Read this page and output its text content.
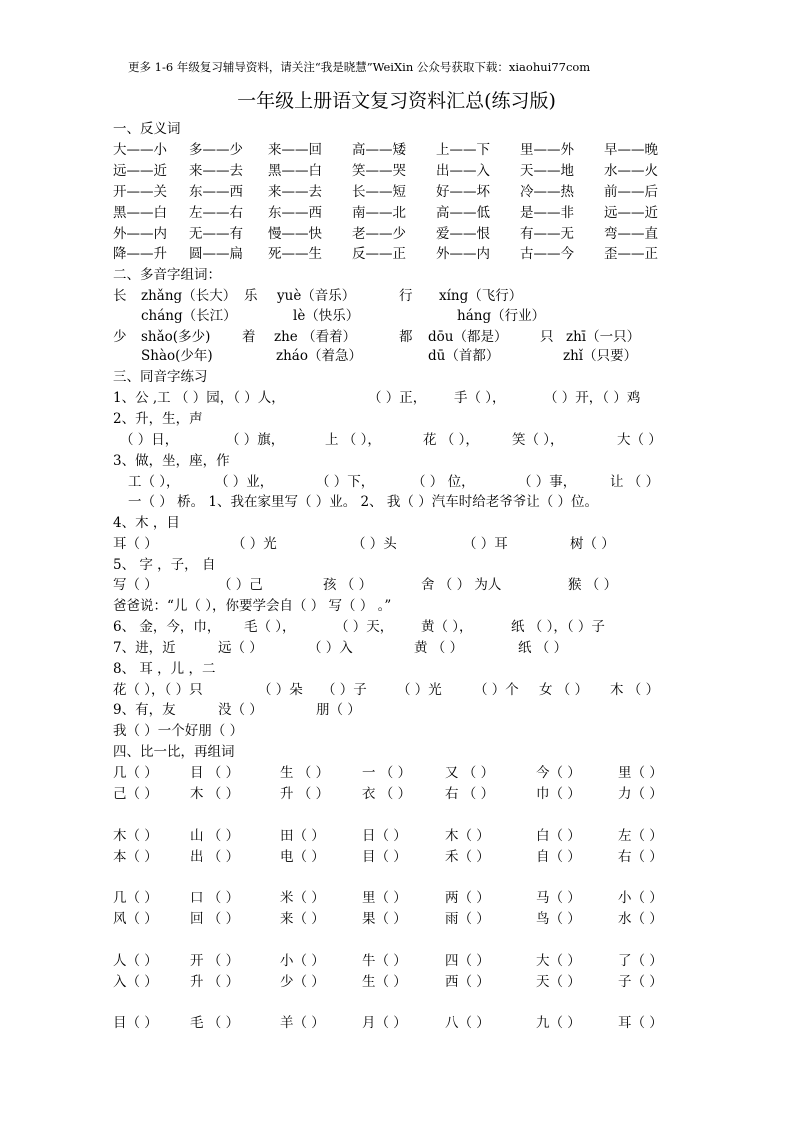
更多 1-6 年级复习辅导资料，请关注“我是晓慧”WeiXin 公众号获取下载：xiaohui77com
一年级上册语文复习资料汇总(练习版)
一、反义词
大——小 多——少 来——回 高——矮 上——下 里——外 早——晚
远——近 来——去 黑——白 笑——哭 出——入 天——地 水——火
开——关 东——西 来——去 长——短 好——坏 冷——热 前——后
黑——白 左——右 东——西 南——北 高——低 是——非 远——近
外——内 无——有 慢——快 老——少 爱——恨 有——无 弯——直
降——升 圆——扁 死——生 反——正 外——内 古——今 歪——正
二、多音字组词：
长 zhǎng（长大） 乐 yuè（音乐）	行 xíng（飞行）
cháng（长江）	lè（快乐）	háng（行业）
少 shǎo(多少) 着 zhe （看着）	都 dōu（都是） 只 zhī（一只）
Shào(少年)	zháo（着急）	dū（首都）	zhǐ（只要）
三、同音字练习
1、公 ,工 （ ）园，（ ）人，	（ ）正， 手（ ），	（ ）开，（ ）鸡
2、升，生，声
（ ）日，	（ ）旗，	上 （ ），	花 （ ）， 笑（ ），	大（ ）
3、做，坐，座，作
工（ ），	（ ）业，	（ ）下，	（ ） 位，	（ ）事， 让 （ ）
一（ ） 桥。 1、我在家里写（ ）业。 2、 我（ ）汽车时给老爷爷让（ ）位。
4、木 ，目
耳（ ）	（ ）光	（ ）头	（ ）耳	树（ ）
5、 字 ，子， 自
写（ ）	（ ）己	孩 （ ）	舍 （ ） 为人	猴 （ ）
爸爸说：“儿（ ），你要学会自（ ） 写（ ） 。”
6、 金，今，巾， 毛（ ），	（ ）天， 黄（ ），	纸 （ ），（ ）子
7、进，近	远（ ）	（ ）入	黄 （ ）	纸 （ ）
8、 耳 ，儿 ，二
花（ ），（ ）只	（ ）朵 （ ）子 （ ）光 （ ）个 女 （ ） 木 （ ）
9、有，友	没（ ）	朋（ ）
我（ ）一个好朋（ ）
四、比一比，再组词
几（ ） 目 （ ）	生 （ ） 一 （ ）	又 （ ）	今（ ）	里（ ）
己（ ） 木 （ ）	升 （ ） 衣 （ ）	右 （ ）	巾（ ）	力（ ）
木（ ） 山 （ ）	田（ ）	日（ ）	木（ ）	白（ ）	左（ ）
本（ ） 出 （ ）	电（ ）	目（ ）	禾（ ）	自（ ）	右（ ）
几（ ） 口 （ ）	米（ ）	里（ ）	两（ ）	马（ ）	小（ ）
风（ ） 回 （ ）	来（ ）	果（ ）	雨（ ）	鸟（ ）	水（ ）
人（ ） 开 （ ）	小（ ）	牛（ ）	四（ ）	大（ ）	了（ ）
入（ ） 升 （ ）	少（ ）	生（ ）	西（ ）	天（ ）	子（ ）
目（ ） 毛 （ ）	羊（ ）	月（ ）	八（ ）	九（ ）	耳（ ）
